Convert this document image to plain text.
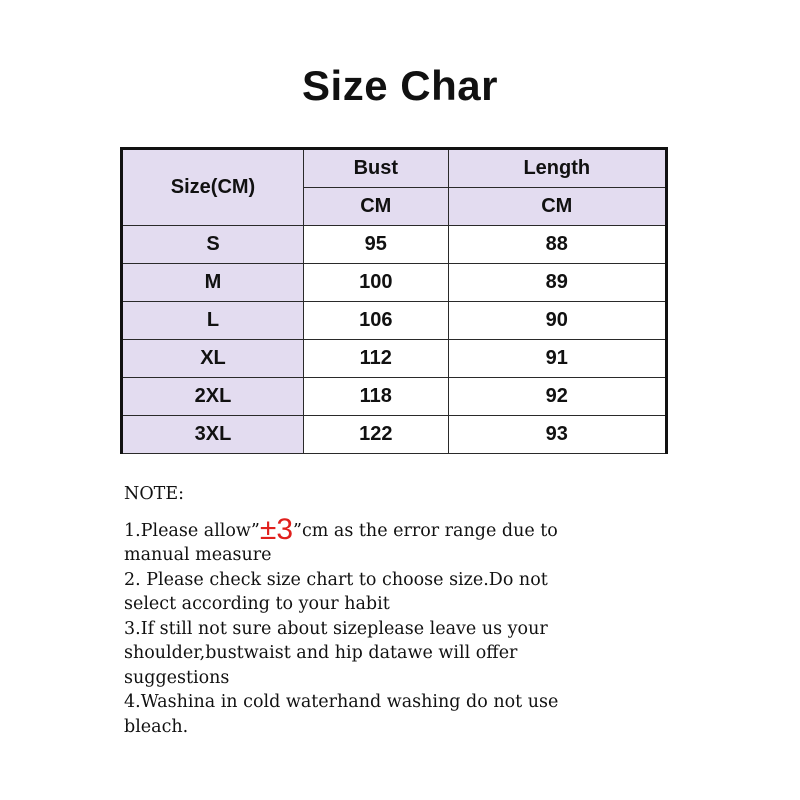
Size Char
Size(CM)	Bust	Length
	CM	CM
S	95	88
M	100	89
L	106	90
XL	112	91
2XL	118	92
3XL	122	93
NOTE:
1.Please allow”±3”cm as the error range due to
manual measure
2. Please check size chart to choose size.Do not
select according to your habit
3.If still not sure about sizeplease leave us your
shoulder,bustwaist and hip datawe will offer
suggestions
4.Washina in cold waterhand washing do not use
bleach.
